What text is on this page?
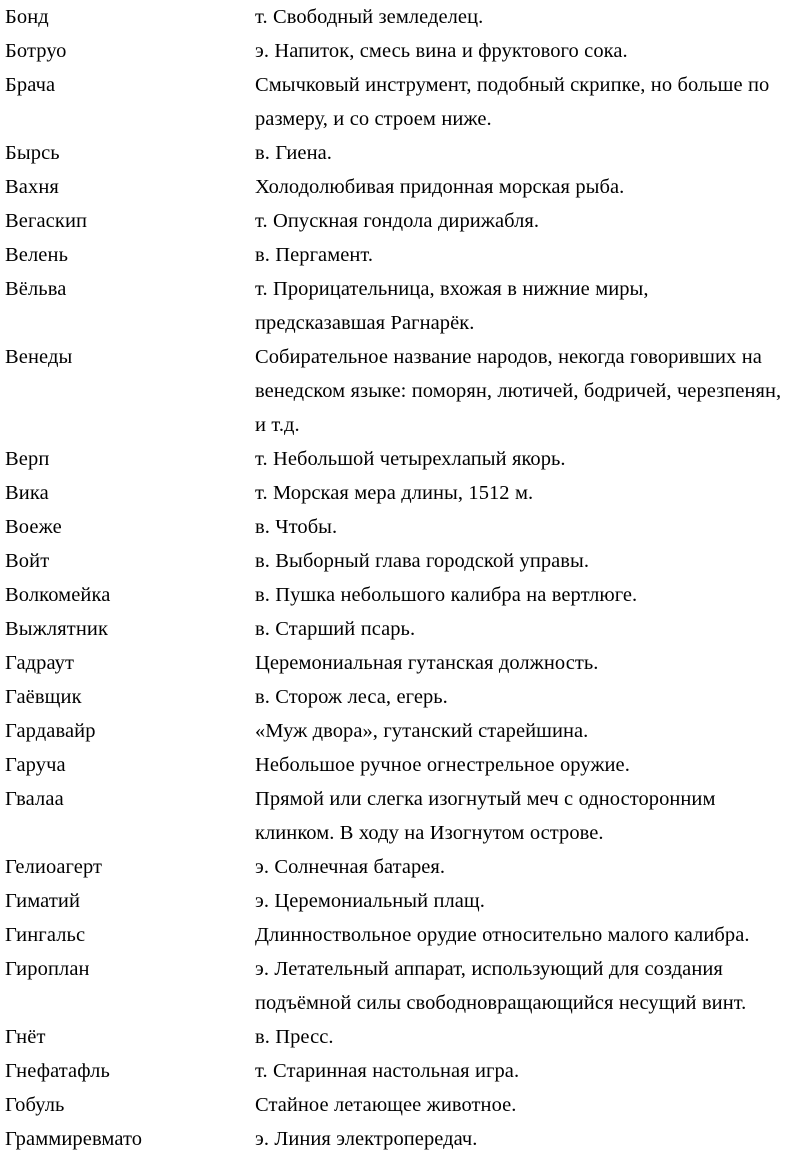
Бонд	т. Свободный земледелец.
Ботруо	э. Напиток, смесь вина и фруктового сока.
Брача	Смычковый инструмент, подобный скрипке, но больше по размеру, и со строем ниже.
Бырсь	в. Гиена.
Вахня	Холодолюбивая придонная морская рыба.
Вегаскип	т. Опускная гондола дирижабля.
Велень	в. Пергамент.
Вёльва	т. Прорицательница, вхожая в нижние миры, предсказавшая Рагнарёк.
Венеды	Собирательное название народов, некогда говоривших на венедском языке: поморян, лютичей, бодричей, черезпенян, и т.д.
Верп	т. Небольшой четырехлапый якорь.
Вика	т. Морская мера длины, 1512 м.
Воеже	в. Чтобы.
Войт	в. Выборный глава городской управы.
Волкомейка	в. Пушка небольшого калибра на вертлюге.
Выжлятник	в. Старший псарь.
Гадраут	Церемониальная гутанская должность.
Гаёвщик	в. Сторож леса, егерь.
Гардавайр	«Муж двора», гутанский старейшина.
Гаруча	Небольшое ручное огнестрельное оружие.
Гвалаа	Прямой или слегка изогнутый меч с односторонним клинком. В ходу на Изогнутом острове.
Гелиоагерт	э. Солнечная батарея.
Гиматий	э. Церемониальный плащ.
Гингальс	Длинноствольное орудие относительно малого калибра.
Гироплан	э. Летательный аппарат, использующий для создания подъёмной силы свободновращающийся несущий винт.
Гнёт	в. Пресс.
Гнефатафль	т. Старинная настольная игра.
Гобуль	Стайное летающее животное.
Граммиревмато	э. Линия электропередач.
